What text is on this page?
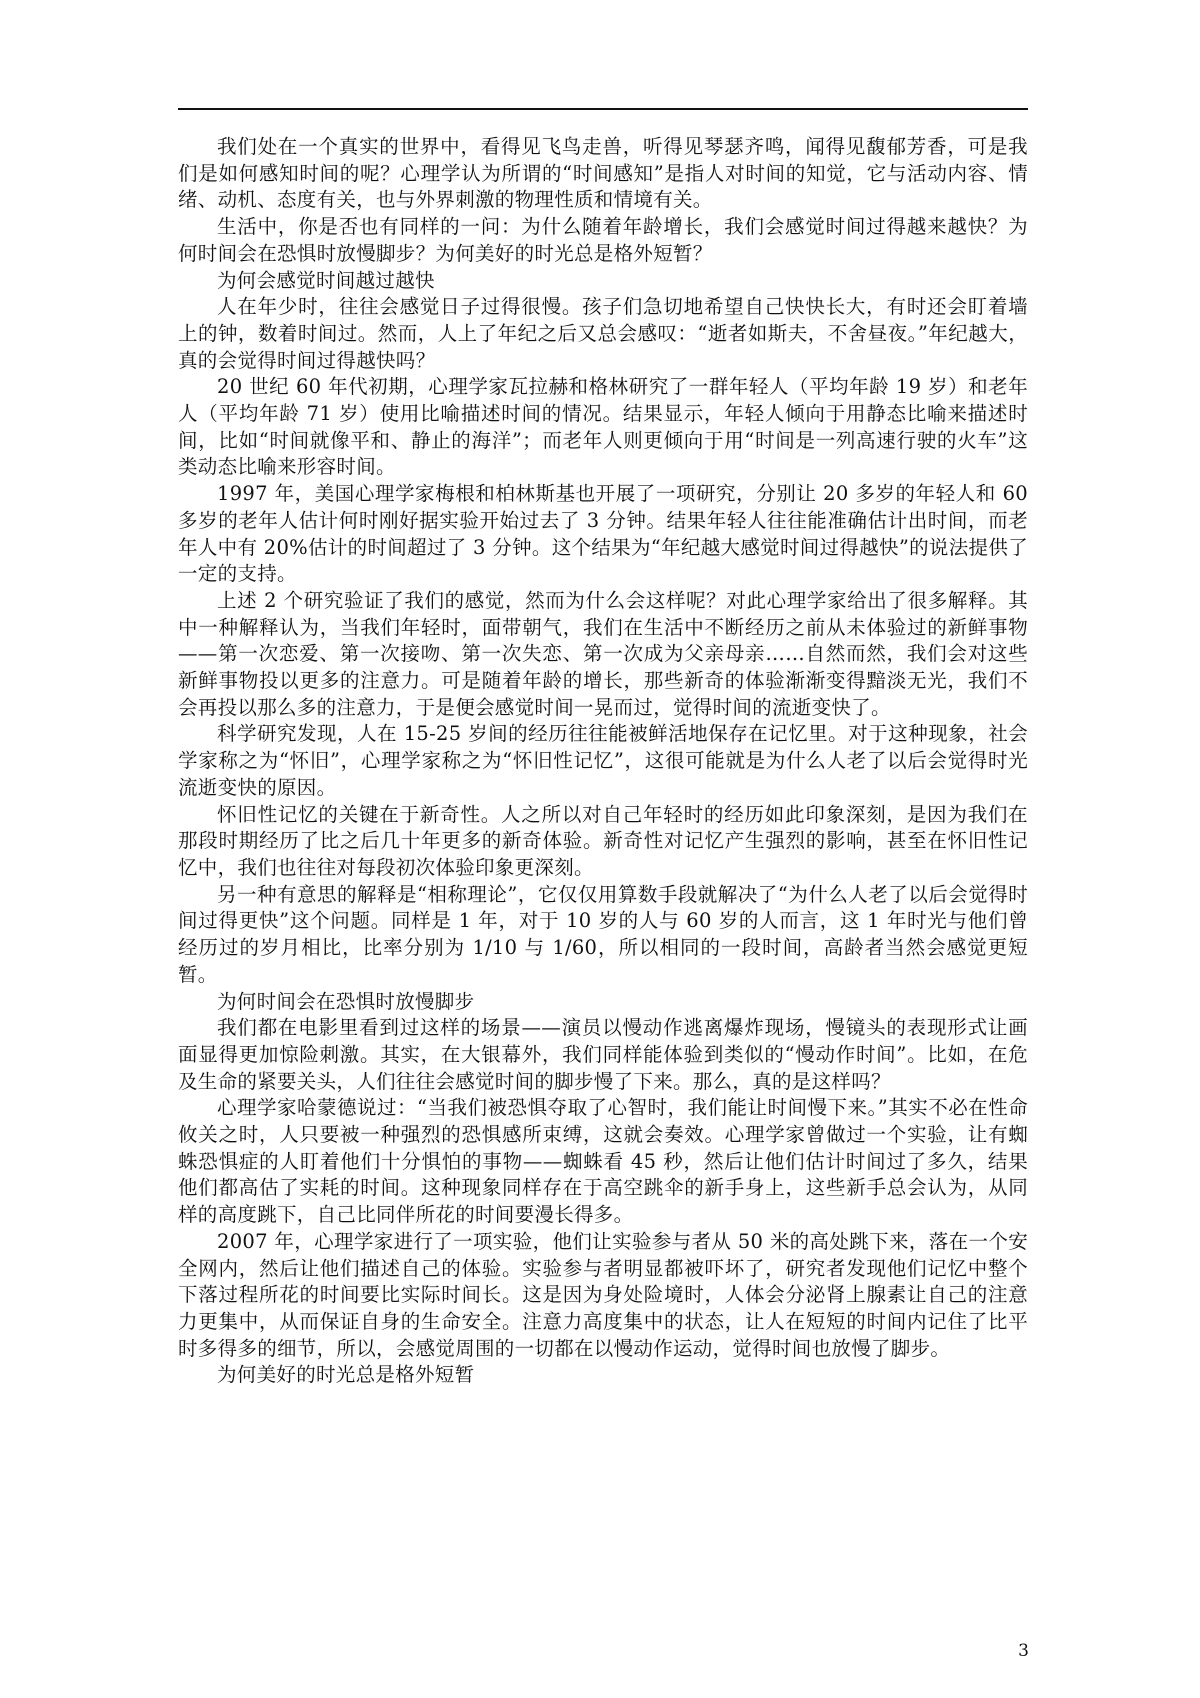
我们处在一个真实的世界中，看得见飞鸟走兽，听得见琴瑟齐鸣，闻得见馥郁芳香，可是我们是如何感知时间的呢？心理学认为所谓的“时间感知”是指人对时间的知觉，它与活动内容、情绪、动机、态度有关，也与外界刺激的物理性质和情境有关。

生活中，你是否也有同样的一问：为什么随着年龄增长，我们会感觉时间过得越来越快？为何时间会在恐惧时放慢脚步？为何美好的时光总是格外短暂？

为何会感觉时间越过越快

人在年少时，往往会感觉日子过得很慢。孩子们急切地希望自己快快长大，有时还会盯着墙上的钟，数着时间过。然而，人上了年纪之后又总会感叹：“逝者如斯夫，不舍昼夜。”年纪越大，真的会觉得时间过得越快吗？

20 世纪 60 年代初期，心理学家瓦拉赫和格林研究了一群年轻人（平均年龄 19 岁）和老年人（平均年龄 71 岁）使用比喻描述时间的情况。结果显示，年轻人倾向于用静态比喻来描述时间，比如“时间就像平和、静止的海洋”；而老年人则更倾向于用“时间是一列高速行驶的火车”这类动态比喻来形容时间。

1997 年，美国心理学家梅根和柏林斯基也开展了一项研究，分别让 20 多岁的年轻人和 60 多岁的老年人估计何时刚好据实验开始过去了 3 分钟。结果年轻人往往能准确估计出时间，而老年人中有 20%估计的时间超过了 3 分钟。这个结果为“年纪越大感觉时间过得越快”的说法提供了一定的支持。

上述 2 个研究验证了我们的感觉，然而为什么会这样呢？对此心理学家给出了很多解释。其中一种解释认为，当我们年轻时，面带朝气，我们在生活中不断经历之前从未体验过的新鲜事物——第一次恋爱、第一次接吻、第一次失恋、第一次成为父亲母亲……自然而然，我们会对这些新鲜事物投以更多的注意力。可是随着年龄的增长，那些新奇的体验渐渐变得黯淡无光，我们不会再投以那么多的注意力，于是便会感觉时间一晃而过，觉得时间的流逝变快了。

科学研究发现，人在 15-25 岁间的经历往往能被鲜活地保存在记忆里。对于这种现象，社会学家称之为“怀旧”，心理学家称之为“怀旧性记忆”，这很可能就是为什么人老了以后会觉得时光流逝变快的原因。

怀旧性记忆的关键在于新奇性。人之所以对自己年轻时的经历如此印象深刻，是因为我们在那段时期经历了比之后几十年更多的新奇体验。新奇性对记忆产生强烈的影响，甚至在怀旧性记忆中，我们也往往对每段初次体验印象更深刻。

另一种有意思的解释是“相称理论”，它仅仅用算数手段就解决了“为什么人老了以后会觉得时间过得更快”这个问题。同样是 1 年，对于 10 岁的人与 60 岁的人而言，这 1 年时光与他们曾经历过的岁月相比，比率分别为 1/10 与 1/60，所以相同的一段时间，高龄者当然会感觉更短暂。

为何时间会在恐惧时放慢脚步

我们都在电影里看到过这样的场景——演员以慢动作逃离爆炸现场，慢镜头的表现形式让画面显得更加惊险刺激。其实，在大银幕外，我们同样能体验到类似的“慢动作时间”。比如，在危及生命的紧要关头，人们往往会感觉时间的脚步慢了下来。那么，真的是这样吗？

心理学家哈蒙德说过：“当我们被恐惧夺取了心智时，我们能让时间慢下来。”其实不必在性命攸关之时，人只要被一种强烈的恐惧感所束缚，这就会奏效。心理学家曾做过一个实验，让有蜘蛛恐惧症的人盯着他们十分惧怕的事物——蜘蛛看 45 秒，然后让他们估计时间过了多久，结果他们都高估了实耗的时间。这种现象同样存在于高空跳伞的新手身上，这些新手总会认为，从同样的高度跳下，自己比同伴所花的时间要漫长得多。

2007 年，心理学家进行了一项实验，他们让实验参与者从 50 米的高处跳下来，落在一个安全网内，然后让他们描述自己的体验。实验参与者明显都被吓坏了，研究者发现他们记忆中整个下落过程所花的时间要比实际时间长。这是因为身处险境时，人体会分泌肾上腺素让自己的注意力更集中，从而保证自身的生命安全。注意力高度集中的状态，让人在短短的时间内记住了比平时多得多的细节，所以，会感觉周围的一切都在以慢动作运动，觉得时间也放慢了脚步。

为何美好的时光总是格外短暂

3
